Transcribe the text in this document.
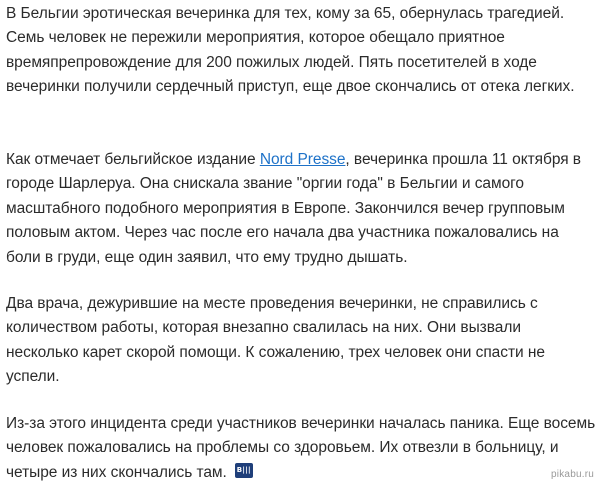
В Бельгии эротическая вечеринка для тех, кому за 65, обернулась трагедией. Семь человек не пережили мероприятия, которое обещало приятное времяпрепровождение для 200 пожилых людей. Пять посетителей в ходе вечеринки получили сердечный приступ, еще двое скончались от отека легких.

Как отмечает бельгийское издание Nord Presse, вечеринка прошла 11 октября в городе Шарлеруа. Она снискала звание "оргии года" в Бельгии и самого масштабного подобного мероприятия в Европе. Закончился вечер групповым половым актом. Через час после его начала два участника пожаловались на боли в груди, еще один заявил, что ему трудно дышать.

Два врача, дежурившие на месте проведения вечеринки, не справились с количеством работы, которая внезапно свалилась на них. Они вызвали несколько карет скорой помощи. К сожалению, трех человек они спасти не успели.

Из-за этого инцидента среди участников вечеринки началась паника. Еще восемь человек пожаловались на проблемы со здоровьем. Их отвезли в больницу, и четыре из них скончались там. B|||	pikabu.ru
